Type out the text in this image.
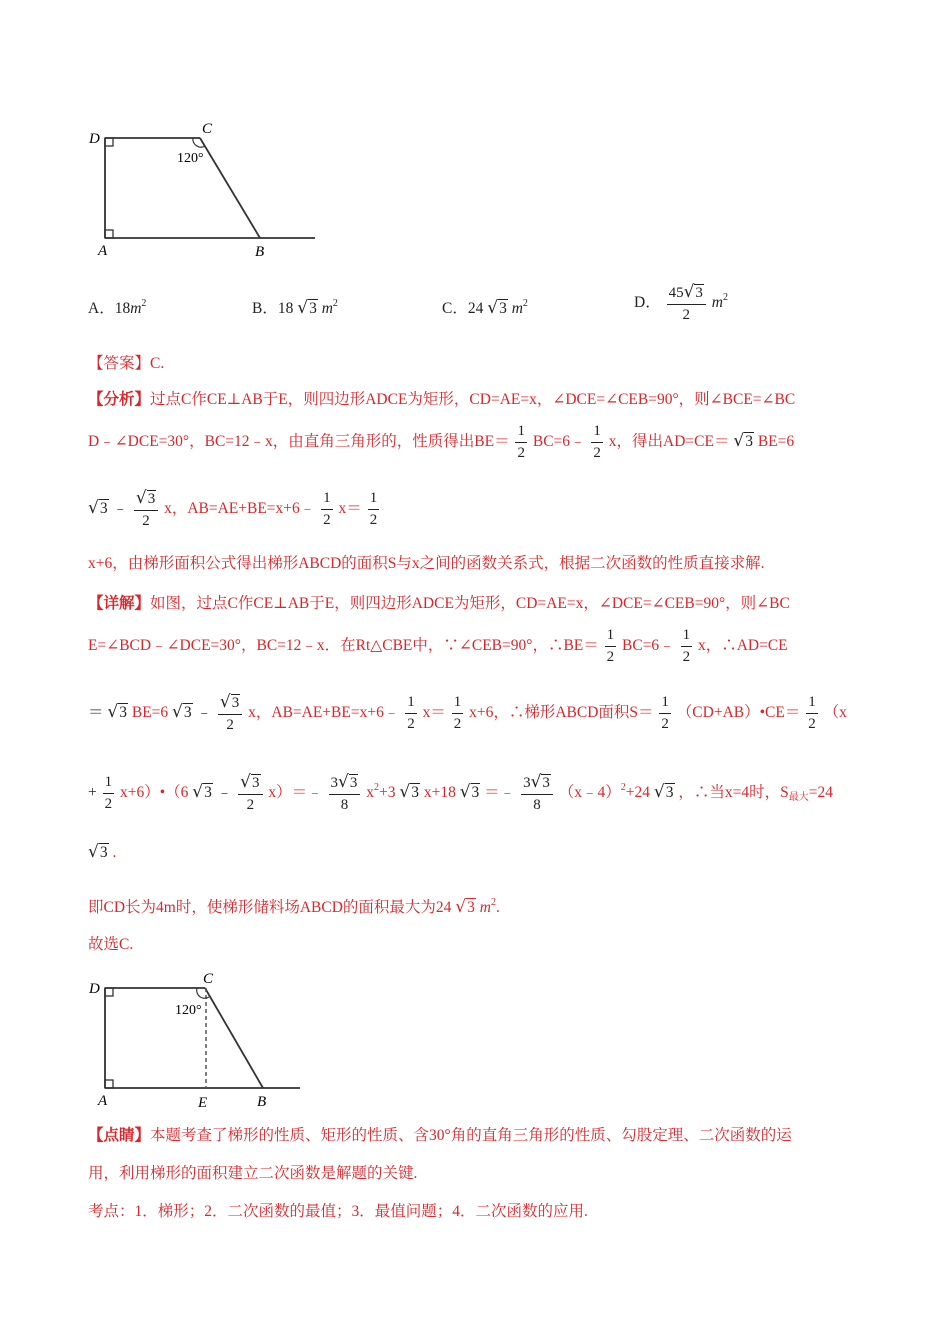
D
C
120°
A	B
A．$18m^2$	B．18 √3 $m^2$	C．24 √3 $m^2$	D． $\frac{45√3}{2} m^2$
【答案】C.
【分析】过点C作CE⊥AB于E，则四边形ADCE为矩形，CD=AE=x，∠DCE=∠CEB=90°，则∠BCE=∠BC
D﹣∠DCE=30°，BC=12﹣x，由直角三角形的，性质得出$BE= \frac{1}{2}$ BC=6﹣ $\frac{1}{2}$ x，得出AD=CE＝ √3 BE=6
√3 ﹣ $\frac{√3}{2}$ x，AB=AE+BE=x+6﹣ $\frac{1}{2} x= \frac{1}{2}$
x+6，由梯形面积公式得出梯形ABCD的面积S与x之间的函数关系式，根据二次函数的性质直接求解.
【详解】如图，过点C作CE⊥AB于E，则四边形ADCE为矩形，CD=AE=x，∠DCE=∠CEB=90°，则∠BC
E=∠BCD﹣∠DCE=30°，BC=12﹣x．在Rt△CBE中，∵∠CEB=90°，∴BE＝ $\frac{1}{2}$ BC=6﹣ $\frac{1}{2}$ x，∴AD=CE
＝ √3 BE=6 √3 ﹣ $\frac{√3}{2}$ x，AB=AE+BE=x+6﹣ $\frac{1}{2} x= \frac{1}{2} x+6$，∴梯形ABCD面积$S= \frac{1}{2}$ （CD+AB）•CE＝ $\frac{1}{2} (x$
+ $\frac{1}{2}$ x+6）•（6 √3 ﹣ $\frac{√3}{2}$ x）＝﹣ $\frac{3√3}{8} x^2+3$ √3 x+18 √3 ＝﹣ $\frac{3√3}{8}$ （x﹣4）$^2$+24 √3 ，∴当x=4时，$S_{最大}=24$
√3 .
即CD长为4m时，使梯形储料场ABCD的面积最大为24 √3 $m^2$.
故选C.
D
C
120°
A	E	B
【点睛】本题考查了梯形的性质、矩形的性质、含30°角的直角三角形的性质、勾股定理、二次函数的运
用，利用梯形的面积建立二次函数是解题的关键.
考点：1．梯形；2．二次函数的最值；3．最值问题；4．二次函数的应用.
